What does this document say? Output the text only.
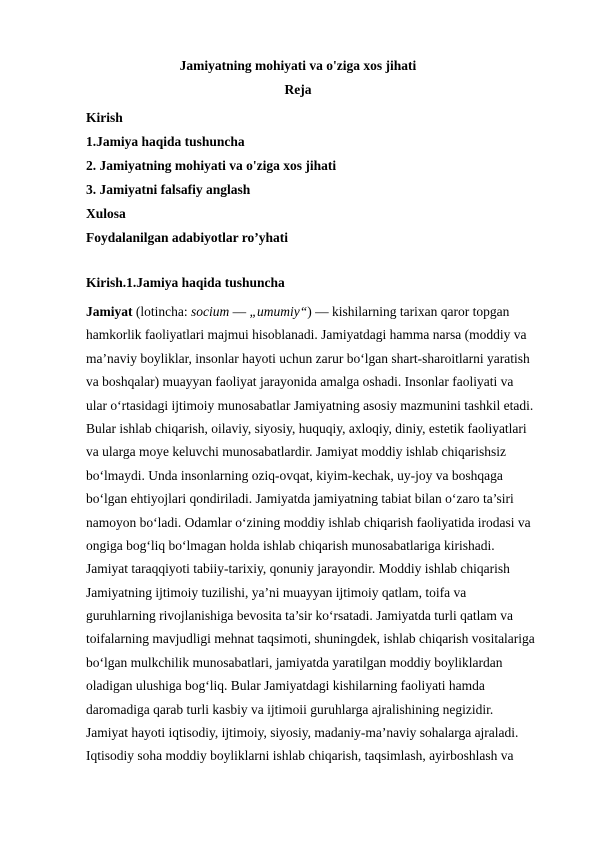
Jamiyatning mohiyati va o'ziga xos jihati
Reja
Kirish
1.Jamiya haqida tushuncha
2. Jamiyatning mohiyati va o'ziga xos jihati
3. Jamiyatni falsafiy anglash
Xulosa
Foydalanilgan adabiyotlar ro’yhati
Kirish.1.Jamiya haqida tushuncha
Jamiyat (lotincha: socium — „umumiy“) — kishilarning tarixan qaror topgan
hamkorlik faoliyatlari majmui hisoblanadi. Jamiyatdagi hamma narsa (moddiy va
ma’naviy boyliklar, insonlar hayoti uchun zarur bo‘lgan shart-sharoitlarni yaratish
va boshqalar) muayyan faoliyat jarayonida amalga oshadi. Insonlar faoliyati va
ular o‘rtasidagi ijtimoiy munosabatlar Jamiyatning asosiy mazmunini tashkil etadi.
Bular ishlab chiqarish, oilaviy, siyosiy, huquqiy, axloqiy, diniy, estetik faoliyatlari
va ularga moye keluvchi munosabatlardir. Jamiyat moddiy ishlab chiqarishsiz
bo‘lmaydi. Unda insonlarning oziq-ovqat, kiyim-kechak, uy-joy va boshqaga
bo‘lgan ehtiyojlari qondiriladi. Jamiyatda jamiyatning tabiat bilan o‘zaro ta’siri
namoyon bo‘ladi. Odamlar o‘zining moddiy ishlab chiqarish faoliyatida irodasi va
ongiga bog‘liq bo‘lmagan holda ishlab chiqarish munosabatlariga kirishadi.
Jamiyat taraqqiyoti tabiiy-tarixiy, qonuniy jarayondir. Moddiy ishlab chiqarish
Jamiyatning ijtimoiy tuzilishi, ya’ni muayyan ijtimoiy qatlam, toifa va
guruhlarning rivojlanishiga bevosita ta’sir ko‘rsatadi. Jamiyatda turli qatlam va
toifalarning mavjudligi mehnat taqsimoti, shuningdek, ishlab chiqarish vositalariga
bo‘lgan mulkchilik munosabatlari, jamiyatda yaratilgan moddiy boyliklardan
oladigan ulushiga bog‘liq. Bular Jamiyatdagi kishilarning faoliyati hamda
daromadiga qarab turli kasbiy va ijtimoii guruhlarga ajralishining negizidir.
Jamiyat hayoti iqtisodiy, ijtimoiy, siyosiy, madaniy-ma’naviy sohalarga ajraladi.
Iqtisodiy soha moddiy boyliklarni ishlab chiqarish, taqsimlash, ayirboshlash va
